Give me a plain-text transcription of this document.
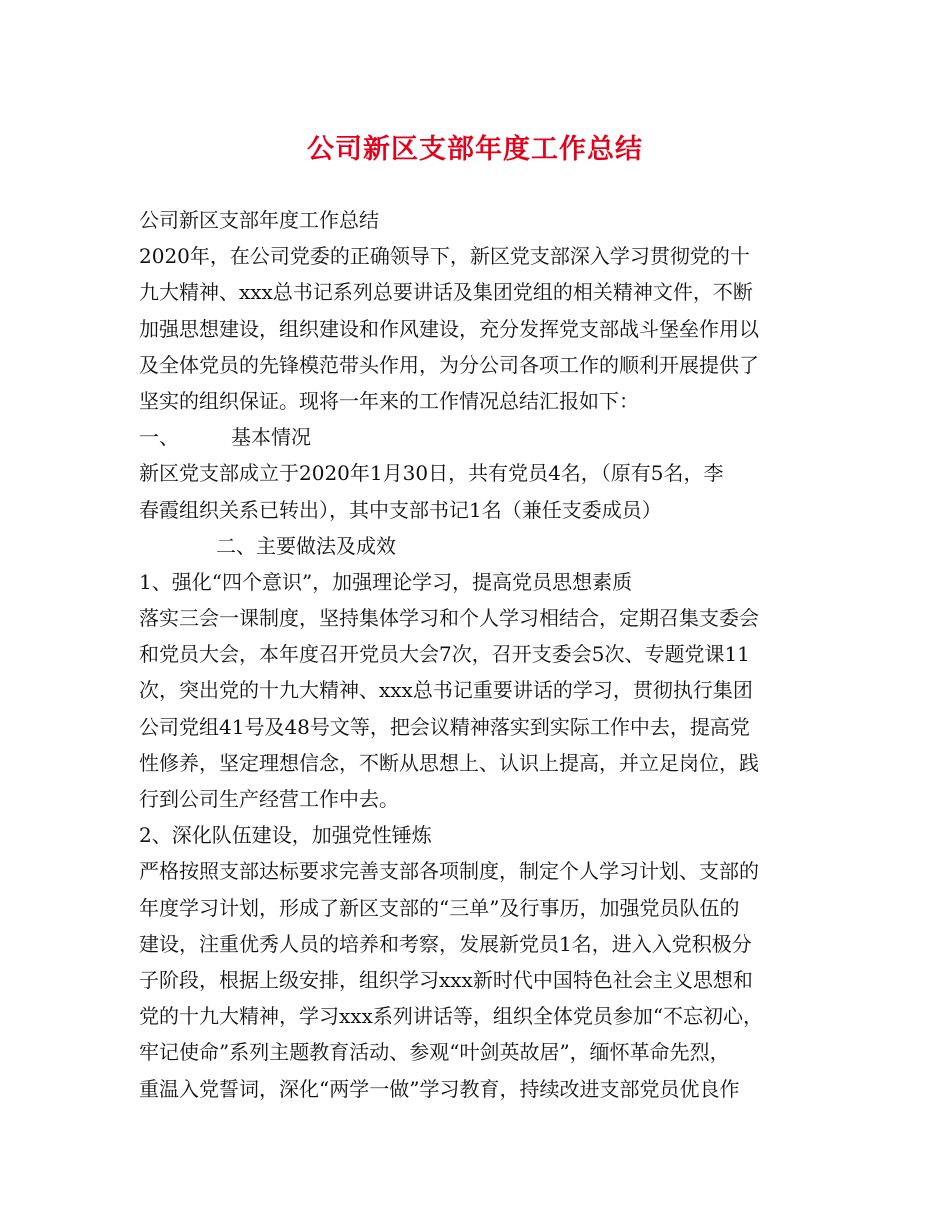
公司新区支部年度工作总结
公司新区支部年度工作总结
2020年，在公司党委的正确领导下，新区党支部深入学习贯彻党的十
九大精神、xxx总书记系列总要讲话及集团党组的相关精神文件，不断
加强思想建设，组织建设和作风建设，充分发挥党支部战斗堡垒作用以
及全体党员的先锋模范带头作用，为分公司各项工作的顺利开展提供了
坚实的组织保证。现将一年来的工作情况总结汇报如下：
一、	基本情况
新区党支部成立于2020年1月30日，共有党员4名，（原有5名，李
春霞组织关系已转出），其中支部书记1名（兼任支委成员）
二、主要做法及成效
1、强化“四个意识”，加强理论学习，提高党员思想素质
落实三会一课制度，坚持集体学习和个人学习相结合，定期召集支委会
和党员大会，本年度召开党员大会7次，召开支委会5次、专题党课11
次，突出党的十九大精神、xxx总书记重要讲话的学习，贯彻执行集团
公司党组41号及48号文等，把会议精神落实到实际工作中去，提高党
性修养，坚定理想信念，不断从思想上、认识上提高，并立足岗位，践
行到公司生产经营工作中去。
2、深化队伍建设，加强党性锤炼
严格按照支部达标要求完善支部各项制度，制定个人学习计划、支部的
年度学习计划，形成了新区支部的“三单”及行事历，加强党员队伍的
建设，注重优秀人员的培养和考察，发展新党员1名，进入入党积极分
子阶段，根据上级安排，组织学习xxx新时代中国特色社会主义思想和
党的十九大精神，学习xxx系列讲话等，组织全体党员参加“不忘初心，
牢记使命”系列主题教育活动、参观“叶剑英故居”，缅怀革命先烈，
重温入党誓词，深化“两学一做”学习教育，持续改进支部党员优良作
